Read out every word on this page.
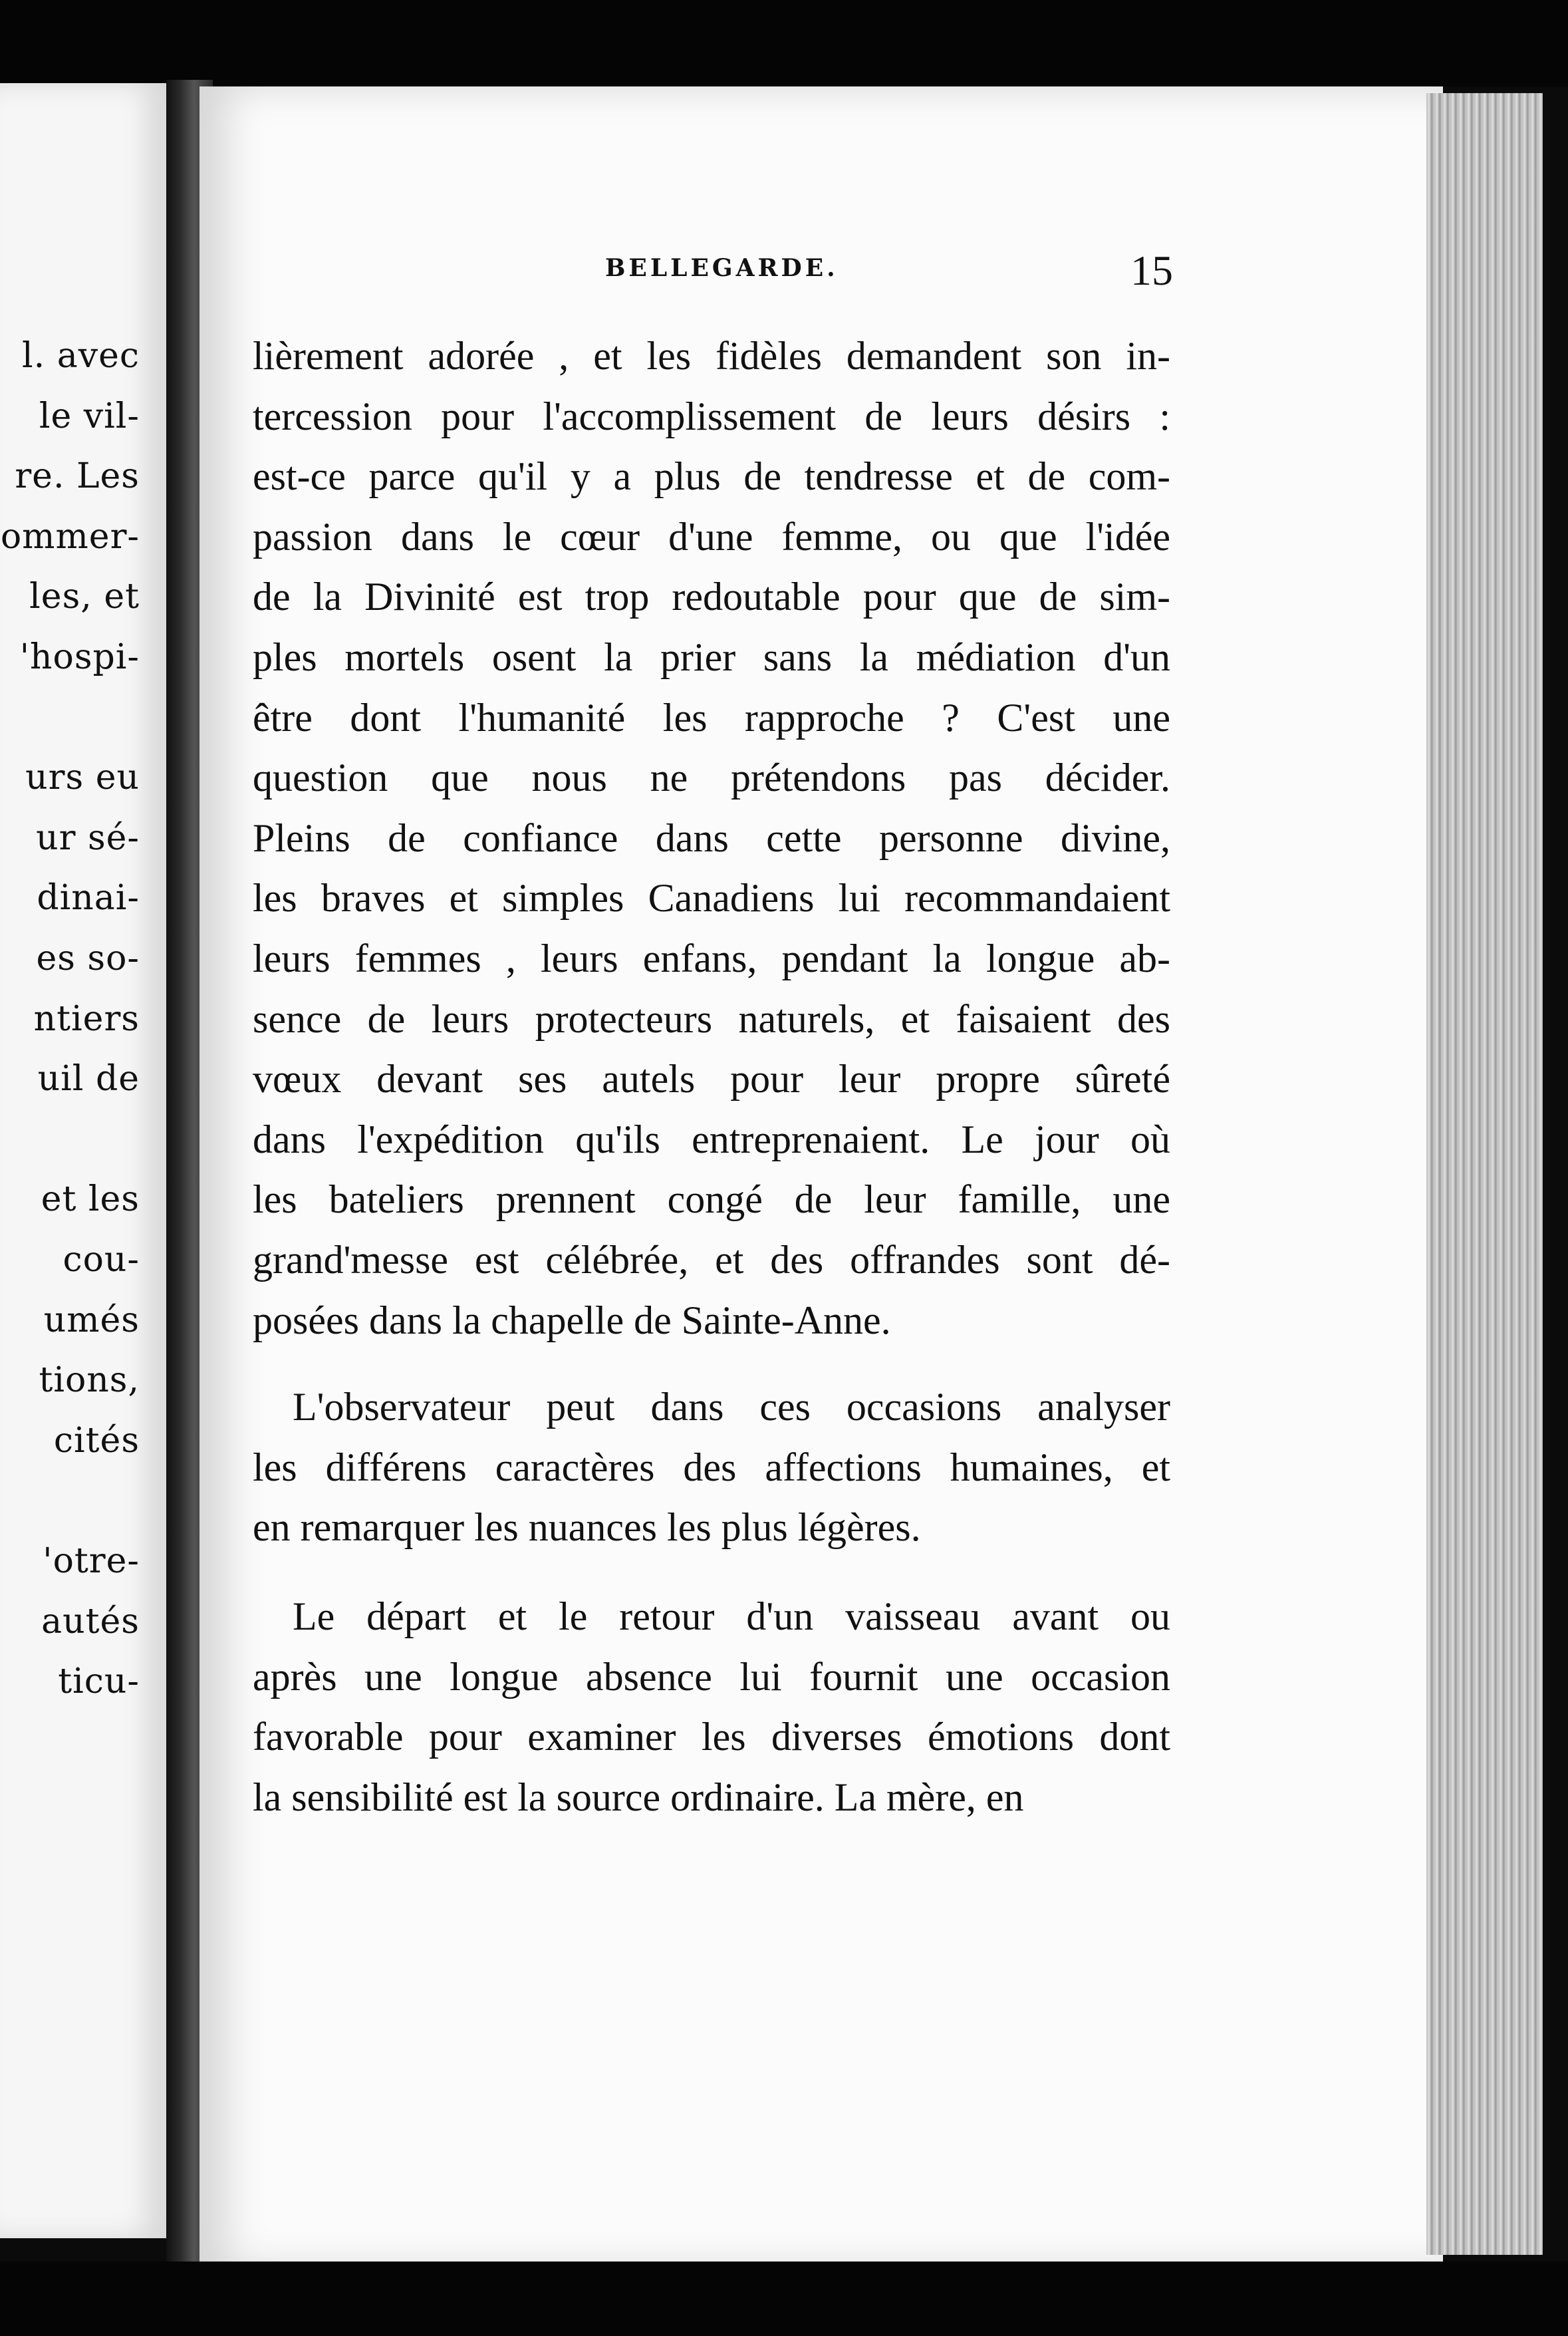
l. avec
le vil-
re. Les
ommer-
les, et
'hospi-
urs eu
ur sé-
dinai-
es so-
ntiers
uil de
et les
cou-
umés
tions,
cités
'otre-
autés
ticu-
BELLEGARDE.	15
lièrement adorée , et les fidèles demandent son in-
tercession pour l'accomplissement de leurs désirs :
est-ce parce qu'il y a plus de tendresse et de com-
passion dans le cœur d'une femme, ou que l'idée
de la Divinité est trop redoutable pour que de sim-
ples mortels osent la prier sans la médiation d'un
être dont l'humanité les rapproche ? C'est une
question que nous ne prétendons pas décider.
Pleins de confiance dans cette personne divine,
les braves et simples Canadiens lui recommandaient
leurs femmes , leurs enfans, pendant la longue ab-
sence de leurs protecteurs naturels, et faisaient des
vœux devant ses autels pour leur propre sûreté
dans l'expédition qu'ils entreprenaient. Le jour où
les bateliers prennent congé de leur famille, une
grand'messe est célébrée, et des offrandes sont dé-
posées dans la chapelle de Sainte-Anne.
L'observateur peut dans ces occasions analyser
les différens caractères des affections humaines, et
en remarquer les nuances les plus légères.
Le départ et le retour d'un vaisseau avant ou
après une longue absence lui fournit une occasion
favorable pour examiner les diverses émotions dont
la sensibilité est la source ordinaire. La mère, en
